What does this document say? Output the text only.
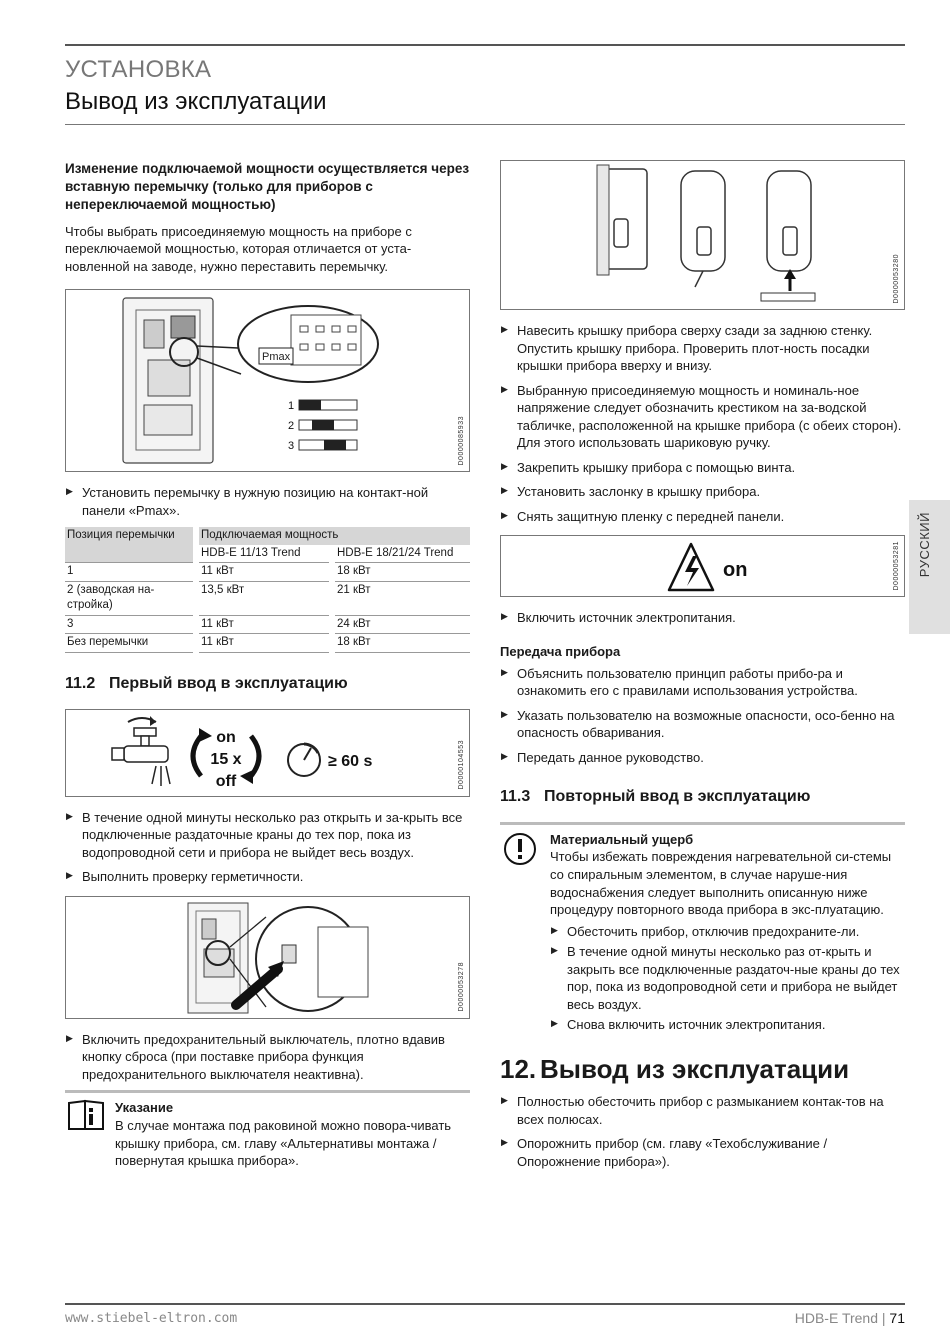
УСТАНОВКА
Вывод из эксплуатации

Изменение подключаемой мощности осуществляется через вставную перемычку (только для приборов с непереключаемой мощностью)

Чтобы выбрать присоединяемую мощность на приборе с переключаемой мощностью, которая отличается от уста-новленной на заводе, нужно переставить перемычку.

Pmax
1
2
3	D0000085933
▶ Установить перемычку в нужную позицию на контакт-ной панели «Pmax».
Позиция перемычки		Подключаемая мощность		
		HDB-E 11/13 Trend		HDB-E 18/21/24 Trend
1		11 кВт		18 кВт
2 (заводская на-стройка)		13,5 кВт		21 кВт
3		11 кВт		24 кВт
Без перемычки		11 кВт		18 кВт
11.2 Первый ввод в эксплуатацию
on
15 x
off
≥ 60 s	D0000104553
▶ В течение одной минуты несколько раз открыть и за-крыть все подключенные раздаточные краны до тех пор, пока из водопроводной сети и прибора не выйдет весь воздух.
▶ Выполнить проверку герметичности.
D0000053278
▶ Включить предохранительный выключатель, плотно вдавив кнопку сброса (при поставке прибора функция предохранительного выключателя неактивна).
Указание
В случае монтажа под раковиной можно повора-чивать крышку прибора, см. главу «Альтернативы монтажа / повернутая крышка прибора».
D0000053280
▶ Навесить крышку прибора сверху сзади за заднюю стенку. Опустить крышку прибора. Проверить плот-ность посадки крышки прибора вверху и внизу.
▶ Выбранную присоединяемую мощность и номиналь-ное напряжение следует обозначить крестиком на за-водской табличке, расположенной на крышке прибора (с обеих сторон). Для этого использовать шариковую ручку.
▶ Закрепить крышку прибора с помощью винта.
▶ Установить заслонку в крышку прибора.
▶ Снять защитную пленку с передней панели.
on	D0000053281
▶ Включить источник электропитания.
Передача прибора
▶ Объяснить пользователю принцип работы прибо-ра и ознакомить его с правилами использования устройства.
▶ Указать пользователю на возможные опасности, осо-бенно на опасность обваривания.
▶ Передать данное руководство.
11.3 Повторный ввод в эксплуатацию
Материальный ущерб
Чтобы избежать повреждения нагревательной си-стемы со спиральным элементом, в случае наруше-ния водоснабжения следует выполнить описанную ниже процедуру повторного ввода прибора в экс-плуатацию.
▶ Обесточить прибор, отключив предохраните-ли.
▶ В течение одной минуты несколько раз от-крыть и закрыть все подключенные раздаточ-ные краны до тех пор, пока из водопроводной сети и прибора не выйдет весь воздух.
▶ Снова включить источник электропитания.
12. Вывод из эксплуатации
▶ Полностью обесточить прибор с размыканием контак-тов на всех полюсах.
▶ Опорожнить прибор (см. главу «Техобслуживание / Опорожнение прибора»).
РУССКИЙ
www.stiebel-eltron.com	HDB-E Trend | 71
